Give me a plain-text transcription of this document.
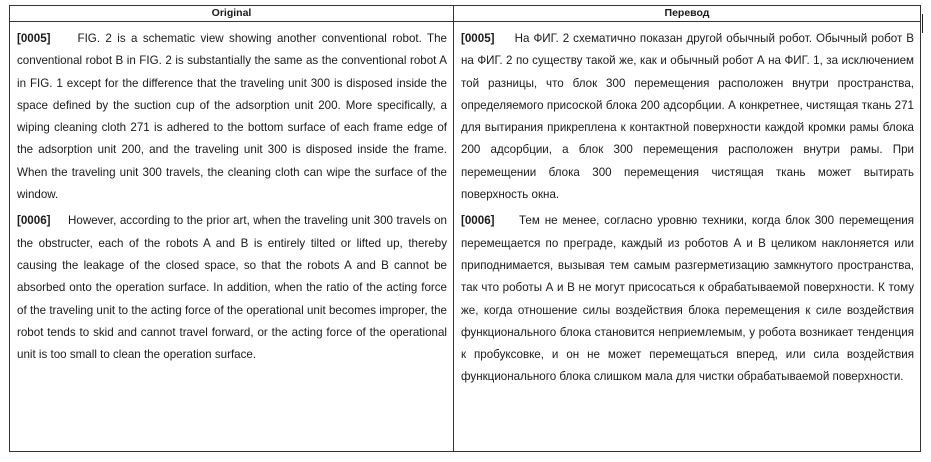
Original	Перевод

[0005] FIG. 2 is a schematic view showing another conventional robot. The conventional robot B in FIG. 2 is substantially the same as the conventional robot A in FIG. 1 except for the difference that the traveling unit 300 is disposed inside the space defined by the suction cup of the adsorption unit 200. More specifically, a wiping cleaning cloth 271 is adhered to the bottom surface of each frame edge of the adsorption unit 200, and the traveling unit 300 is disposed inside the frame. When the traveling unit 300 travels, the cleaning cloth can wipe the surface of the window.

[0006] However, according to the prior art, when the traveling unit 300 travels on the obstructer, each of the robots A and B is entirely tilted or lifted up, thereby causing the leakage of the closed space, so that the robots A and B cannot be absorbed onto the operation surface. In addition, when the ratio of the acting force of the traveling unit to the acting force of the operational unit becomes improper, the robot tends to skid and cannot travel forward, or the acting force of the operational unit is too small to clean the operation surface.

[0005] На ФИГ. 2 схематично показан другой обычный робот. Обычный робот В на ФИГ. 2 по существу такой же, как и обычный робот А на ФИГ. 1, за исключением той разницы, что блок 300 перемещения расположен внутри пространства, определяемого присоской блока 200 адсорбции. А конкретнее, чистящая ткань 271 для вытирания прикреплена к контактной поверхности каждой кромки рамы блока 200 адсорбции, а блок 300 перемещения расположен внутри рамы. При перемещении блока 300 перемещения чистящая ткань может вытирать поверхность окна.

[0006] Тем не менее, согласно уровню техники, когда блок 300 перемещения перемещается по преграде, каждый из роботов А и В целиком наклоняется или приподнимается, вызывая тем самым разгерметизацию замкнутого пространства, так что роботы А и В не могут присосаться к обрабатываемой поверхности. К тому же, когда отношение силы воздействия блока перемещения к силе воздействия функционального блока становится неприемлемым, у робота возникает тенденция к пробуксовке, и он не может перемещаться вперед, или сила воздействия функционального блока слишком мала для чистки обрабатываемой поверхности.
